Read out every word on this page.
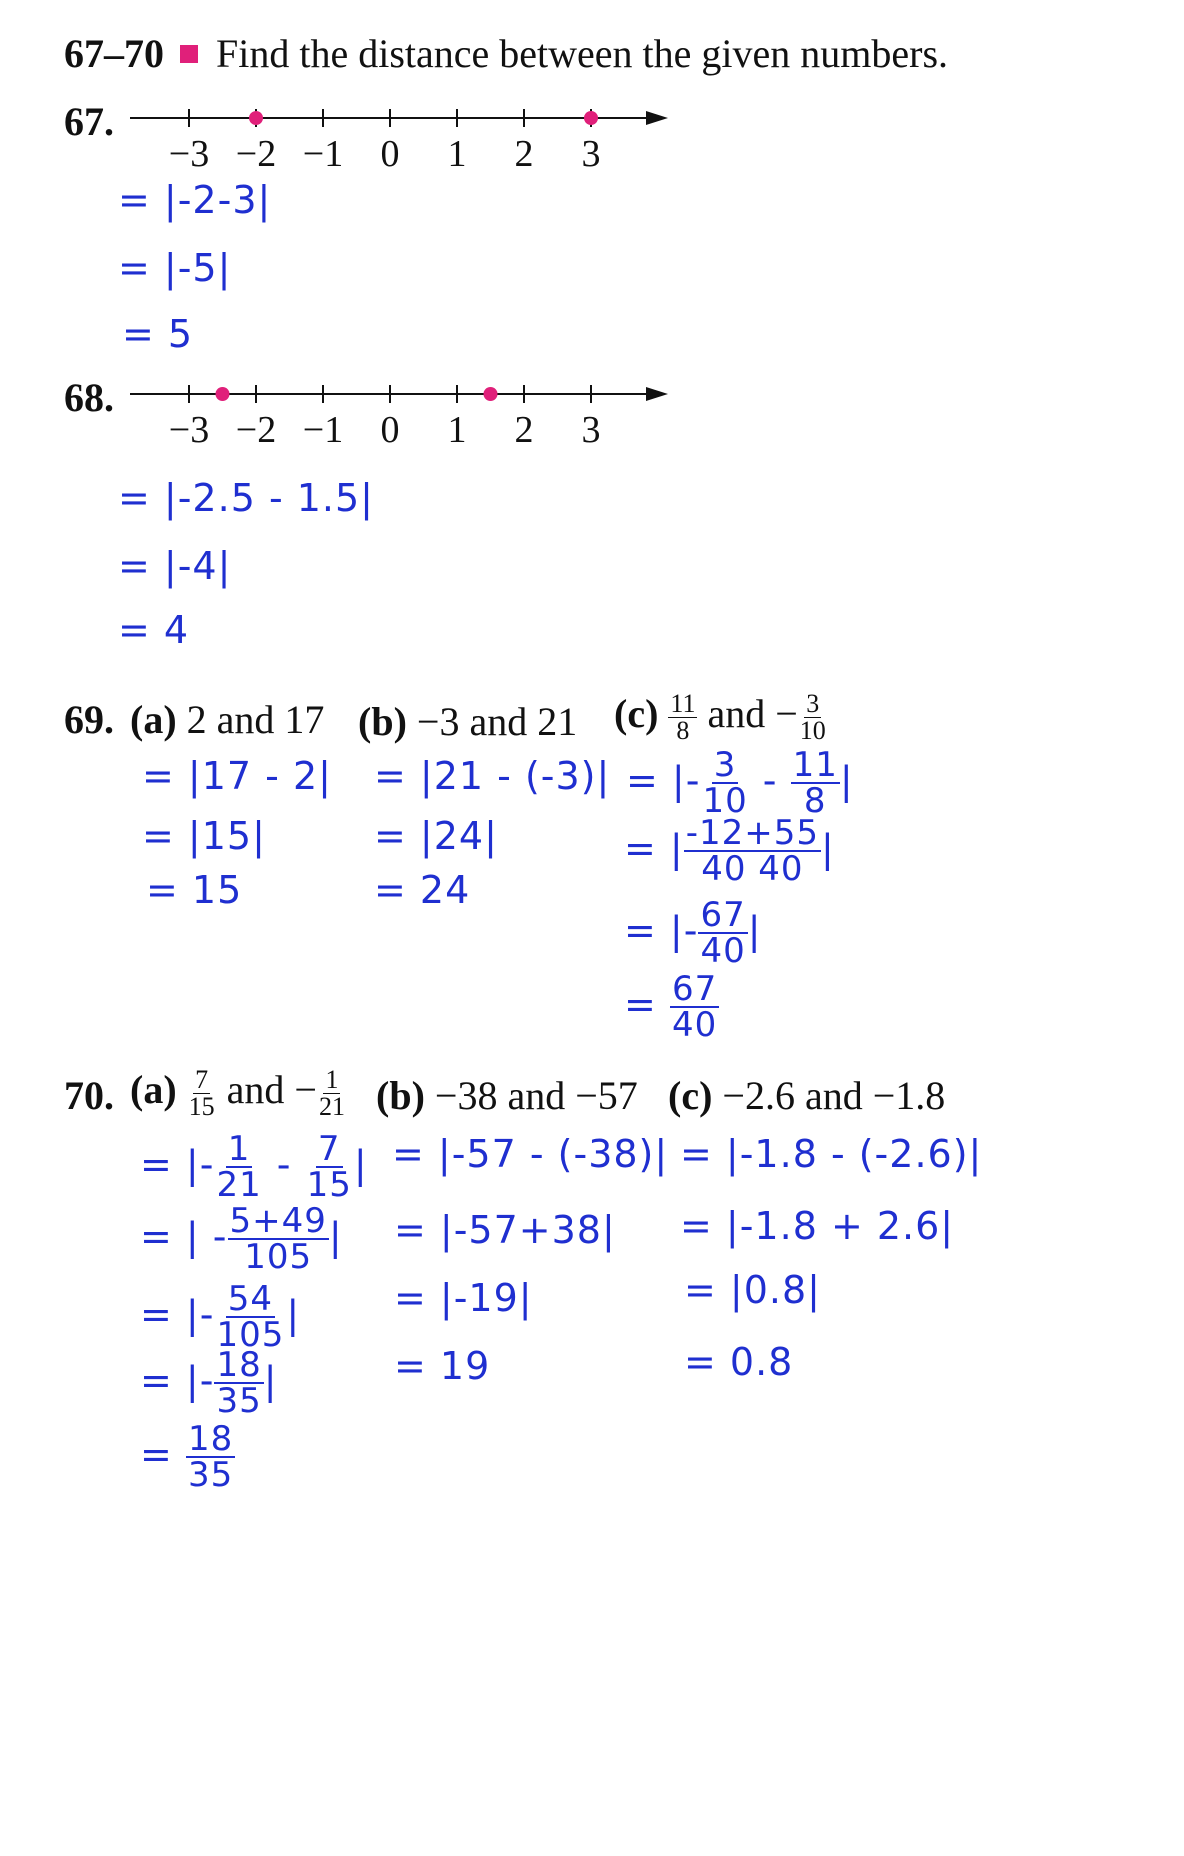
67–70 Find the distance between the given numbers.
67.
−3 −2 −1 0 1 2 3
= |-2-3|
= |-5|
= 5
68.
−3 −2 −1 0 1 2 3
= |-2.5 - 1.5|
= |-4|
= 4
69. (a) 2 and 17 (b) −3 and 21 $(c) \frac{11}{8}$ and − $\frac{3}{10}$
= |17 - 2|
= |15|
= 15
= |21 - (-3)|
= |24|
= 24
= |- $\frac{3}{10} - \frac{11}{8}$ |
= | $\frac{-12+55}{40 40}$ |
= |- $\frac{67}{40}$ |
= $\frac{67}{40}$
70. $(a) \frac{7}{15}$ and − $\frac{1}{21} (b) -38$ and −57 (c) −2.6 and −1.8
= |- $\frac{1}{21} - \frac{7}{15}$ |
= | - $\frac{5+49}{105}$ |
= |- $\frac{54}{105}$ |
= |- $\frac{18}{35}$ |
= $\frac{18}{35}$
= |-57 - (-38)|
= |-57+38|
= |-19|
= 19
= |-1.8 - (-2.6)|
= |-1.8 + 2.6|
= |0.8|
= 0.8
